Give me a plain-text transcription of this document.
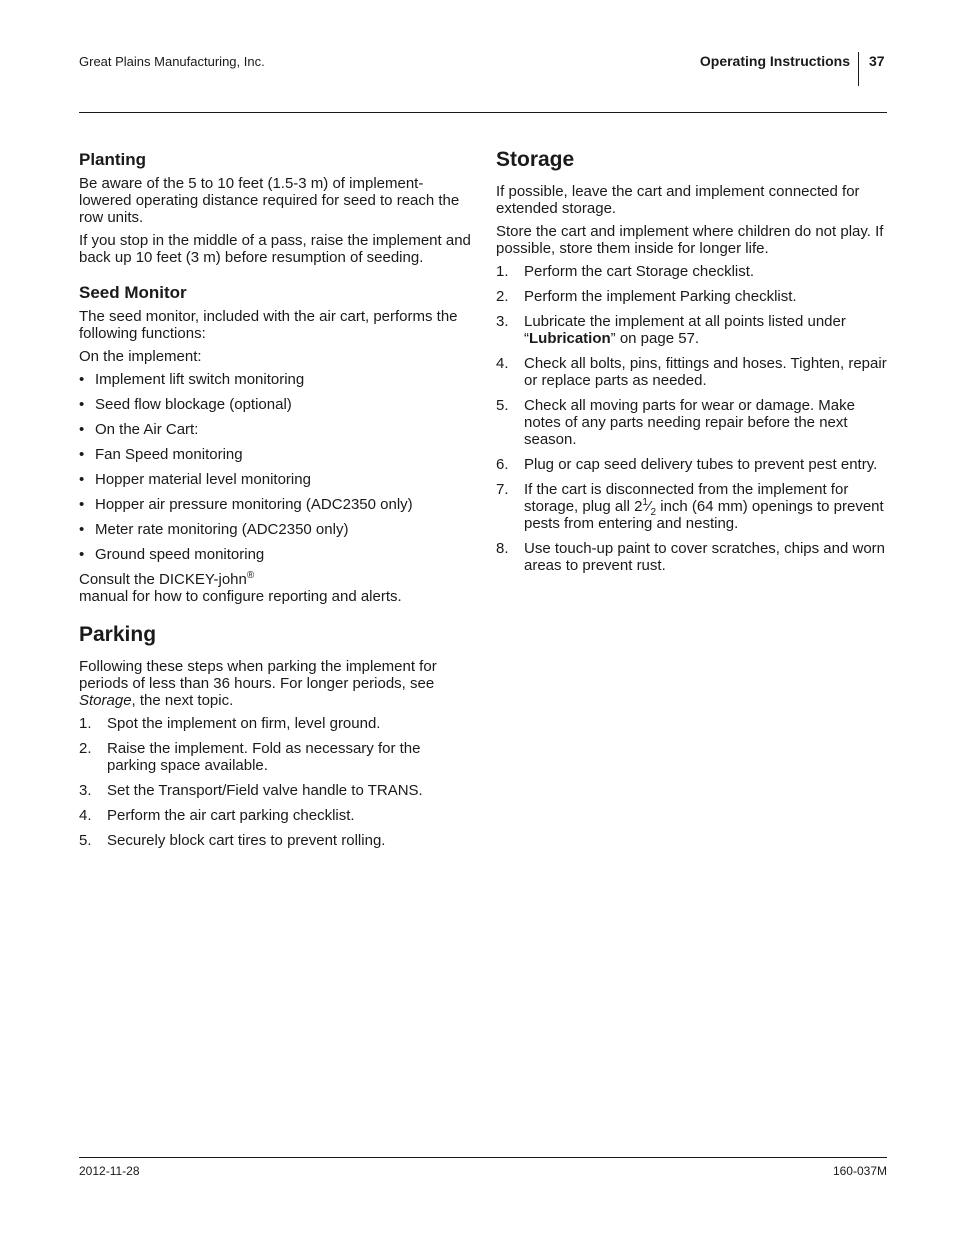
Great Plains Manufacturing, Inc.	Operating Instructions 37
Planting

Be aware of the 5 to 10 feet (1.5-3 m) of implement-lowered operating distance required for seed to reach the row units.

If you stop in the middle of a pass, raise the implement and back up 10 feet (3 m) before resumption of seeding.

Seed Monitor

The seed monitor, included with the air cart, performs the following functions:

On the implement:

• Implement lift switch monitoring
• Seed flow blockage (optional)
• On the Air Cart:
• Fan Speed monitoring
• Hopper material level monitoring
• Hopper air pressure monitoring (ADC2350 only)
• Meter rate monitoring (ADC2350 only)
• Ground speed monitoring

Consult the DICKEY-john®
manual for how to configure reporting and alerts.

Parking

Following these steps when parking the implement for periods of less than 36 hours. For longer periods, see Storage, the next topic.

1.	Spot the implement on firm, level ground.
2.	Raise the implement. Fold as necessary for the parking space available.
3.	Set the Transport/Field valve handle to TRANS.
4.	Perform the air cart parking checklist.
5.	Securely block cart tires to prevent rolling.
Storage

If possible, leave the cart and implement connected for extended storage.

Store the cart and implement where children do not play. If possible, store them inside for longer life.

1.	Perform the cart Storage checklist.
2.	Perform the implement Parking checklist.
3.	Lubricate the implement at all points listed under “Lubrication” on page 57.
4.	Check all bolts, pins, fittings and hoses. Tighten, repair or replace parts as needed.
5.	Check all moving parts for wear or damage. Make notes of any parts needing repair before the next season.
6.	Plug or cap seed delivery tubes to prevent pest entry.
7.	If the cart is disconnected from the implement for storage, plug all $2^1⁄_2$ inch (64 mm) openings to prevent pests from entering and nesting.
8.	Use touch-up paint to cover scratches, chips and worn areas to prevent rust.
2012-11-28	160-037M
